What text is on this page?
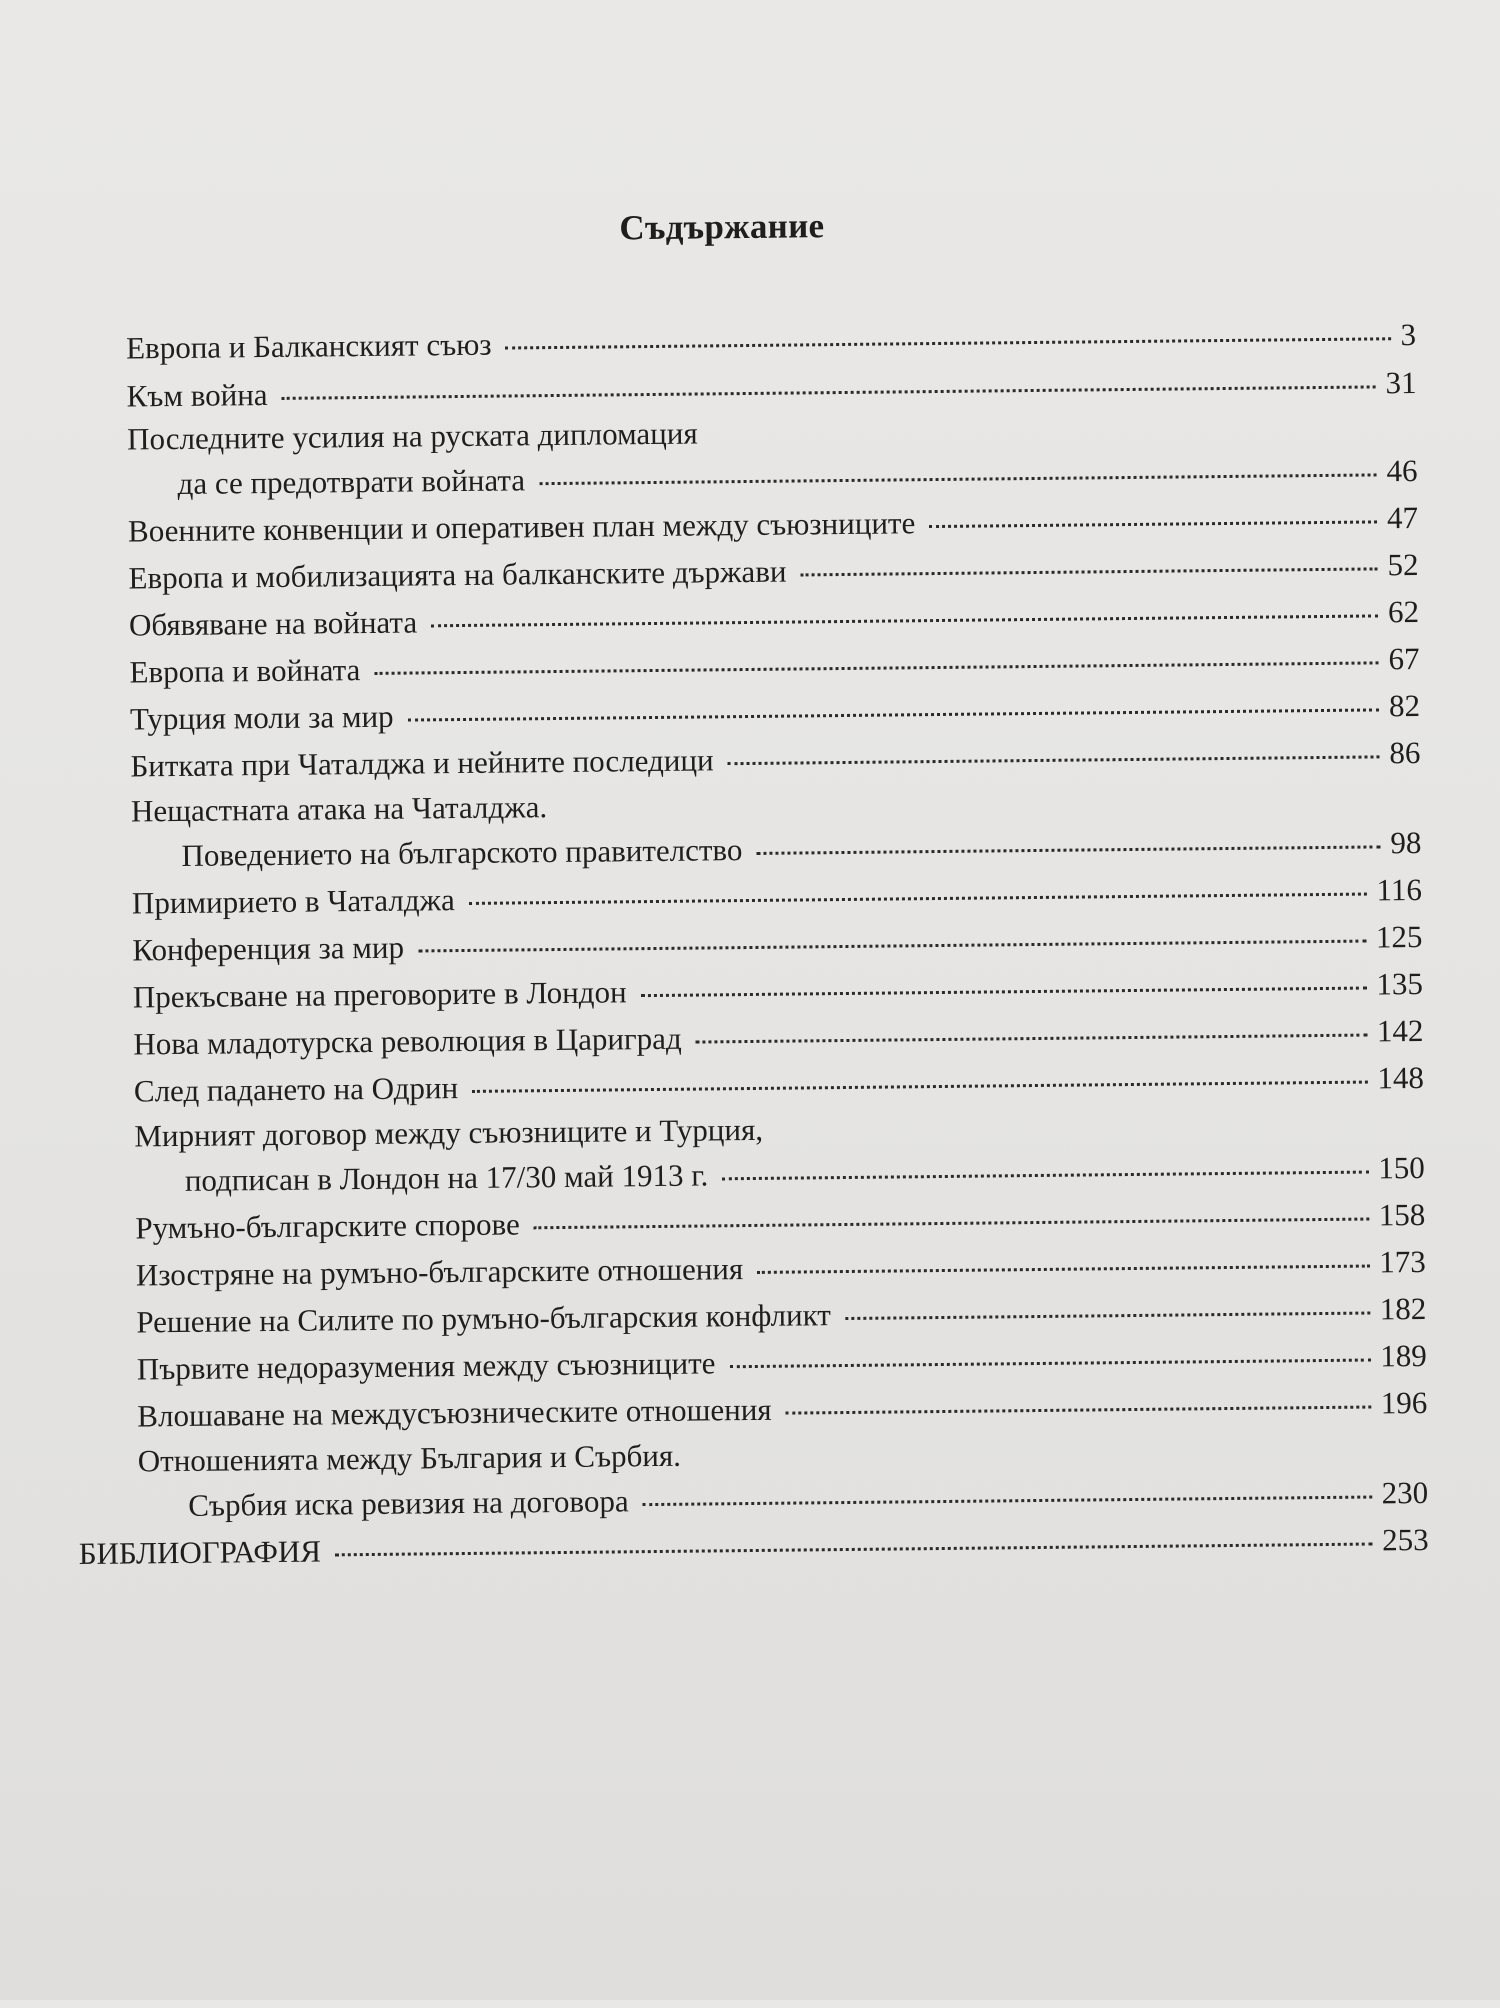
Съдържание
Европа и Балканският съюз	3
Към война	31
Последните усилия на руската дипломация
да се предотврати войната	46
Военните конвенции и оперативен план между съюзниците	47
Европа и мобилизацията на балканските държави	52
Обявяване на войната	62
Европа и войната	67
Турция моли за мир	82
Битката при Чаталджа и нейните последици	86
Нещастната атака на Чаталджа.
Поведението на българското правителство	98
Примирието в Чаталджа	116
Конференция за мир	125
Прекъсване на преговорите в Лондон	135
Нова младотурска революция в Цариград	142
След падането на Одрин	148
Мирният договор между съюзниците и Турция,
подписан в Лондон на 17/30 май 1913 г.	150
Румъно-българските спорове	158
Изостряне на румъно-българските отношения	173
Решение на Силите по румъно-българския конфликт	182
Първите недоразумения между съюзниците	189
Влошаване на междусъюзническите отношения	196
Отношенията между България и Сърбия.
Сърбия иска ревизия на договора	230
БИБЛИОГРАФИЯ	253
